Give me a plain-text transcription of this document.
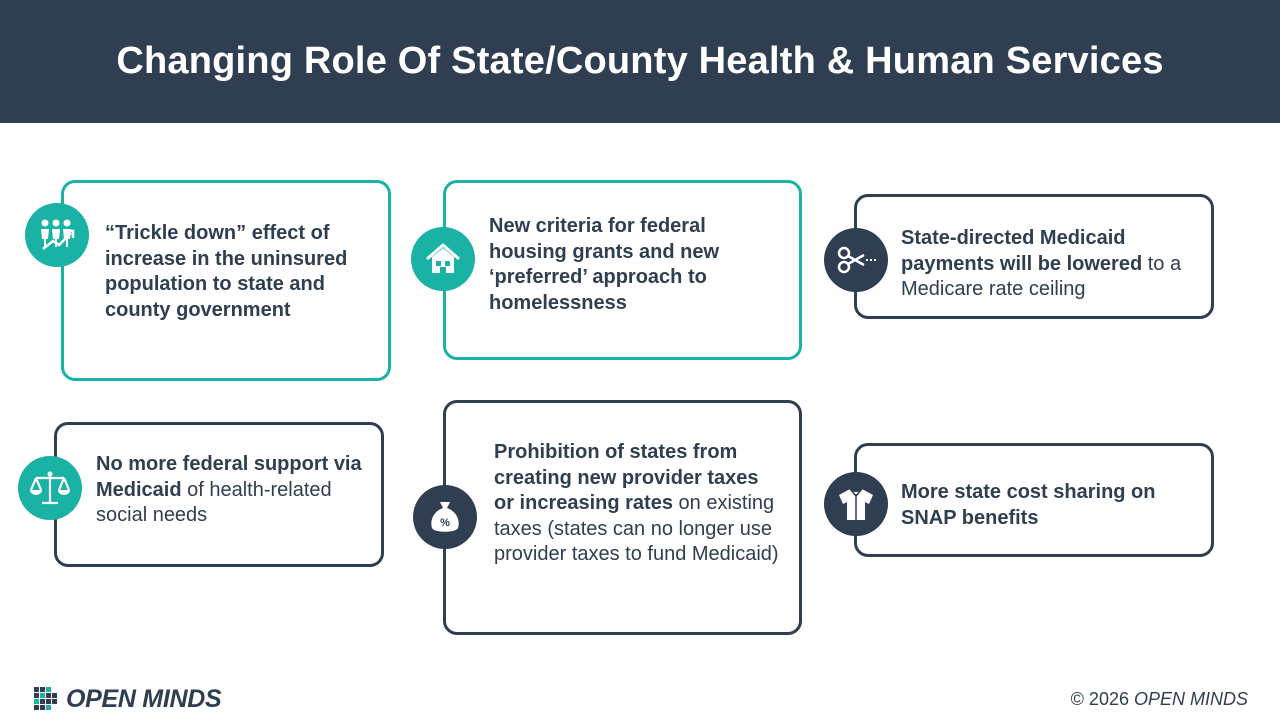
Changing Role Of State/County Health & Human Services
“Trickle down” effect of increase in the uninsured population to state and county government
New criteria for federal housing grants and new ‘preferred’ approach to homelessness
State-directed Medicaid payments will be lowered to a Medicare rate ceiling
No more federal support via Medicaid of health-related social needs
Prohibition of states from creating new provider taxes or increasing rates on existing taxes (states can no longer use provider taxes to fund Medicaid)
%
More state cost sharing on SNAP benefits
OPEN MINDS	© 2026 OPEN MINDS
